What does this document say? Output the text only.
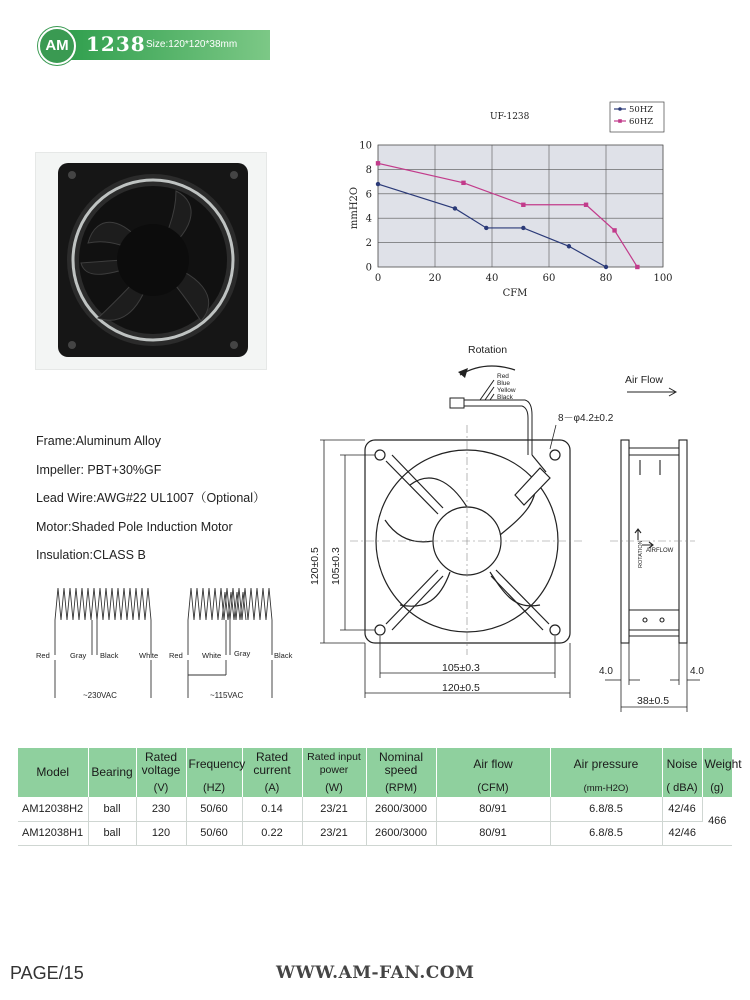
AM 1238 Size:120*120*38mm
UF-1238
50HZ
60HZ
0
2
4
6
8
10
0	20	40	60	80	100
CFM
mmH2O
Frame:Aluminum Alloy
Impeller: PBT+30%GF
Lead Wire:AWG#22 UL1007（Optional）
Motor:Shaded Pole Induction Motor
Insulation:CLASS B
Red	Gray Black	White
~230VAC
Red	White Gray	Black
~115VAC
Rotation
Red
Blue
Yellow
Black
8－φ4.2±0.2
120±0.5 105±0.3
105±0.3
120±0.5
Air Flow
ROTATION AIRFLOW
4.0	4.0
38±0.5
Model	Bearing	Rated voltage	Frequency	Rated current	Rated input power	Nominal speed	Air flow	Air pressure	Noise	Weight
		(V)	(HZ)	(A)	(W)	(RPM)	(CFM)	(mm-H2O)	( dBA)	(g)
AM12038H2	ball	230	50/60	0.14	23/21	2600/3000	80/91	6.8/8.5	42/46	466
AM12038H1	ball	120	50/60	0.22	23/21	2600/3000	80/91	6.8/8.5	42/46	
PAGE/15	WWW.AM-FAN.COM
